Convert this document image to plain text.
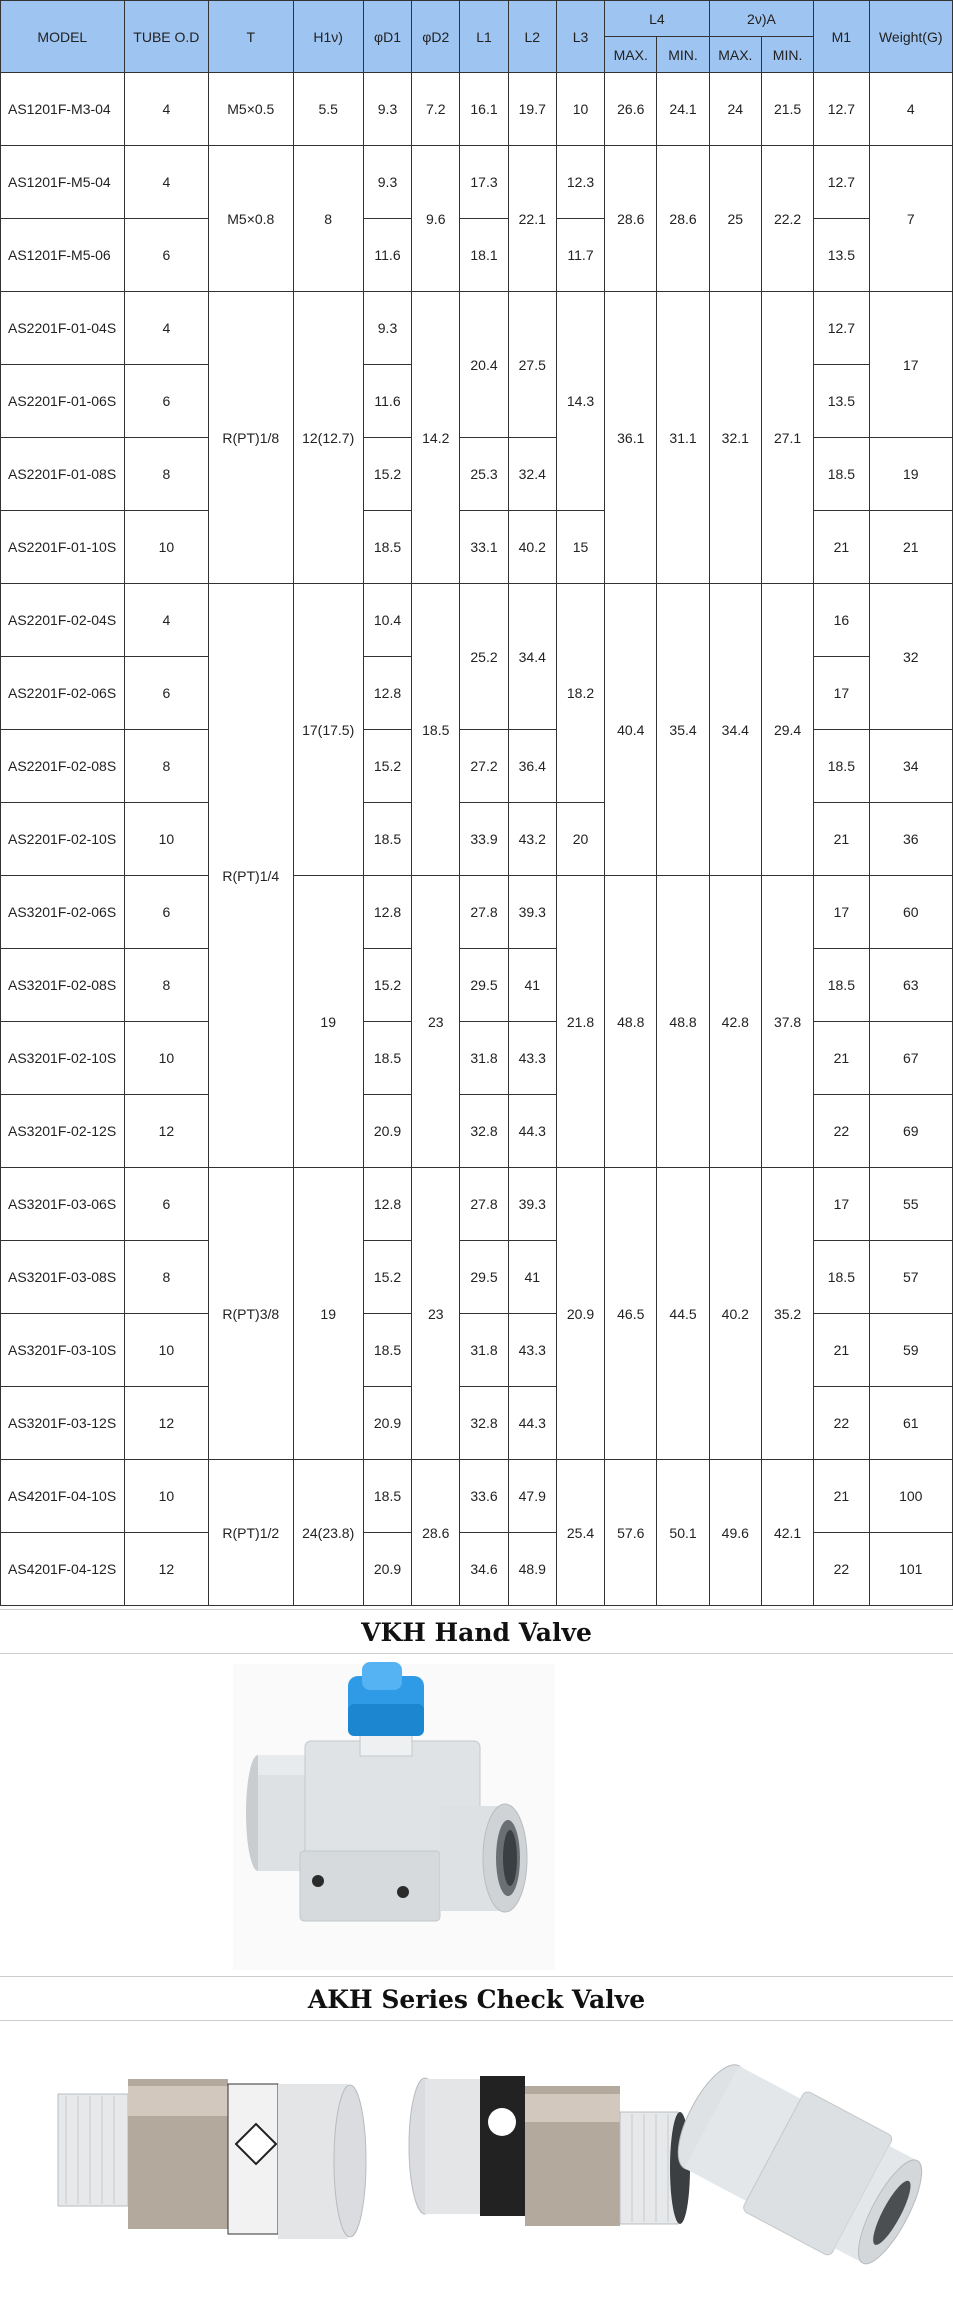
MODEL	TUBE O.D	T	H1ν)	φD1	φD2	L1	L2	L3	L4		2ν)A		M1	Weight(G)
									MAX.	MIN.	MAX.	MIN.		
AS1201F-M3-04	4	M5×0.5	5.5	9.3	7.2	16.1	19.7	10	26.6	24.1	24	21.5	12.7	4
AS1201F-M5-04	4	M5×0.8	8	9.3	9.6	17.3	22.1	12.3	28.6	28.6	25	22.2	12.7	7
AS1201F-M5-06	6			11.6		18.1		11.7					13.5	
AS2201F-01-04S	4	R(PT)1/8	12(12.7)	9.3	14.2	20.4	27.5	14.3	36.1	31.1	32.1	27.1	12.7	17
AS2201F-01-06S	6			11.6									13.5	
AS2201F-01-08S	8			15.2		25.3	32.4						18.5	19
AS2201F-01-10S	10			18.5		33.1	40.2	15					21	21
AS2201F-02-04S	4	R(PT)1/4	17(17.5)	10.4	18.5	25.2	34.4	18.2	40.4	35.4	34.4	29.4	16	32
AS2201F-02-06S	6			12.8									17	
AS2201F-02-08S	8			15.2		27.2	36.4						18.5	34
AS2201F-02-10S	10			18.5		33.9	43.2	20					21	36
AS3201F-02-06S	6		19	12.8	23	27.8	39.3	21.8	48.8	48.8	42.8	37.8	17	60
AS3201F-02-08S	8			15.2		29.5	41						18.5	63
AS3201F-02-10S	10			18.5		31.8	43.3						21	67
AS3201F-02-12S	12			20.9		32.8	44.3						22	69
AS3201F-03-06S	6	R(PT)3/8	19	12.8	23	27.8	39.3	20.9	46.5	44.5	40.2	35.2	17	55
AS3201F-03-08S	8			15.2		29.5	41						18.5	57
AS3201F-03-10S	10			18.5		31.8	43.3						21	59
AS3201F-03-12S	12			20.9		32.8	44.3						22	61
AS4201F-04-10S	10	R(PT)1/2	24(23.8)	18.5	28.6	33.6	47.9	25.4	57.6	50.1	49.6	42.1	21	100
AS4201F-04-12S	12			20.9		34.6	48.9						22	101
VKH Hand Valve
AKH Series Check Valve
